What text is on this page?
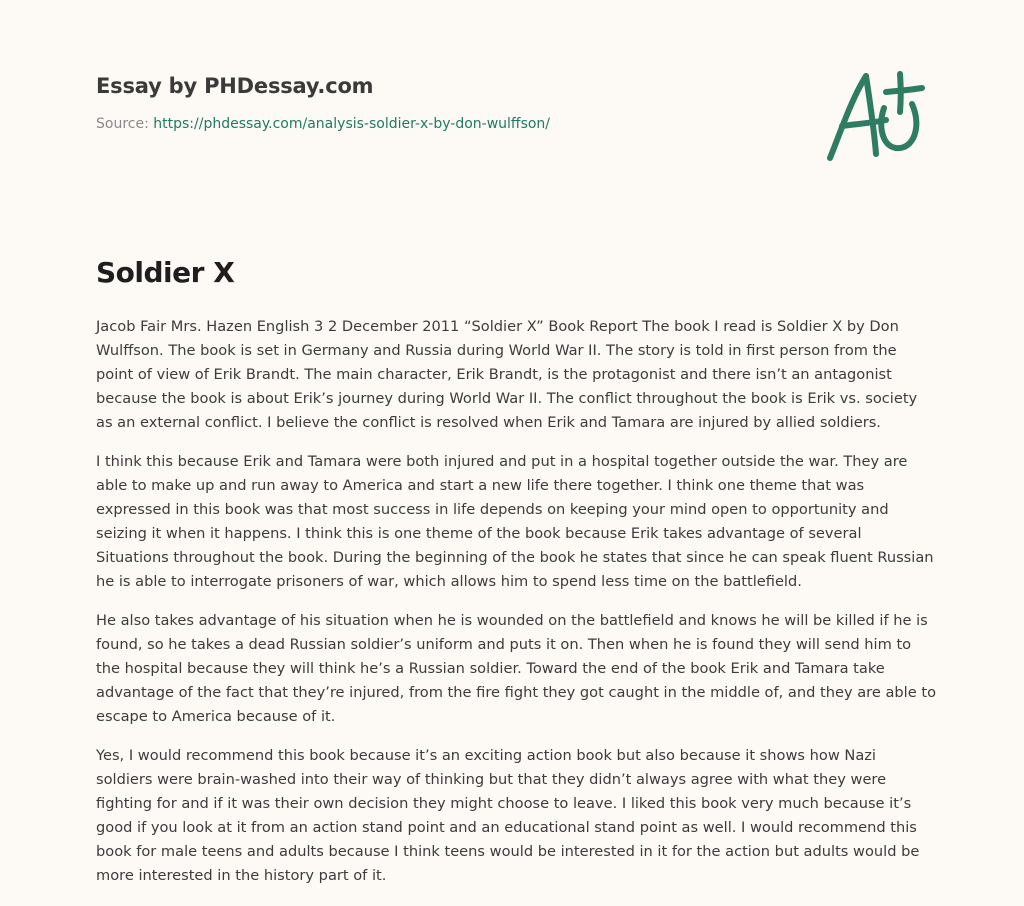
Essay by PHDessay.com
Source: https://phdessay.com/analysis-soldier-x-by-don-wulffson/
Soldier X

Jacob Fair Mrs. Hazen English 3 2 December 2011 “Soldier X” Book Report The book I read is Soldier X by Don Wulffson. The book is set in Germany and Russia during World War II. The story is told in first person from the point of view of Erik Brandt. The main character, Erik Brandt, is the protagonist and there isn’t an antagonist because the book is about Erik’s journey during World War II. The conflict throughout the book is Erik vs. society as an external conflict. I believe the conflict is resolved when Erik and Tamara are injured by allied soldiers.

I think this because Erik and Tamara were both injured and put in a hospital together outside the war. They are able to make up and run away to America and start a new life there together. I think one theme that was expressed in this book was that most success in life depends on keeping your mind open to opportunity and seizing it when it happens. I think this is one theme of the book because Erik takes advantage of several Situations throughout the book. During the beginning of the book he states that since he can speak fluent Russian he is able to interrogate prisoners of war, which allows him to spend less time on the battlefield.

He also takes advantage of his situation when he is wounded on the battlefield and knows he will be killed if he is found, so he takes a dead Russian soldier’s uniform and puts it on. Then when he is found they will send him to the hospital because they will think he’s a Russian soldier. Toward the end of the book Erik and Tamara take advantage of the fact that they’re injured, from the fire fight they got caught in the middle of, and they are able to escape to America because of it.

Yes, I would recommend this book because it’s an exciting action book but also because it shows how Nazi soldiers were brain-washed into their way of thinking but that they didn’t always agree with what they were fighting for and if it was their own decision they might choose to leave. I liked this book very much because it’s good if you look at it from an action stand point and an educational stand point as well. I would recommend this book for male teens and adults because I think teens would be interested in it for the action but adults would be more interested in the history part of it.
